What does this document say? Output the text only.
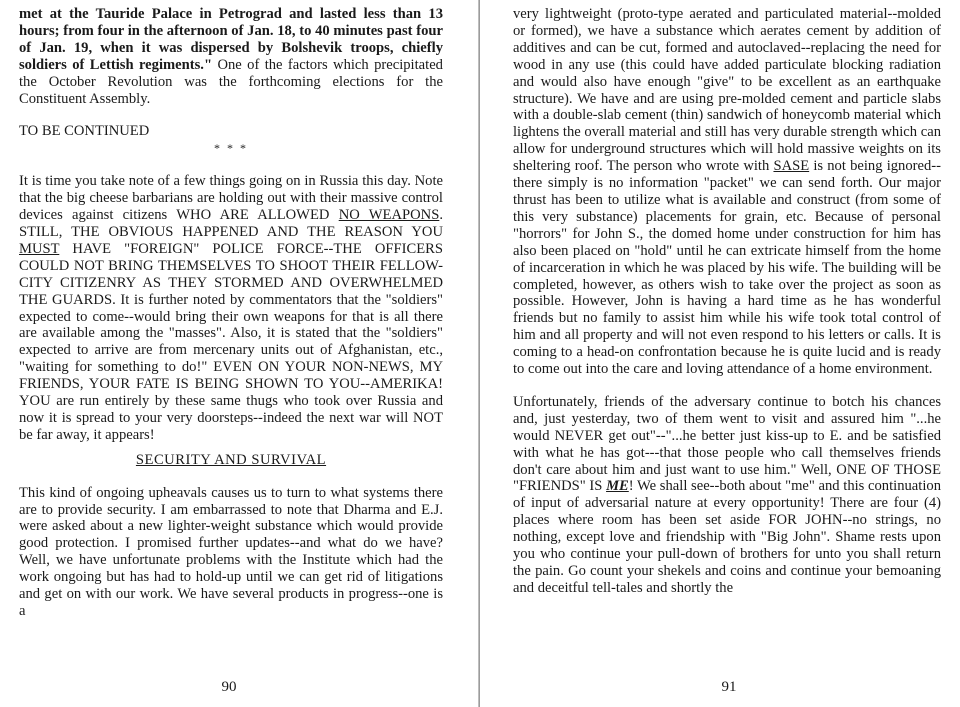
met at the Tauride Palace in Petrograd and lasted less than 13 hours; from four in the afternoon of Jan. 18, to 40 minutes past four of Jan. 19, when it was dispersed by Bolshevik troops, chiefly soldiers of Lettish regiments." One of the factors which precipitated the October Revolution was the forthcoming elections for the Constituent Assembly.

TO BE CONTINUED

* * *

It is time you take note of a few things going on in Russia this day. Note that the big cheese barbarians are holding out with their massive control devices against citizens WHO ARE ALLOWED NO WEAPONS. STILL, THE OBVIOUS HAPPENED AND THE REASON YOU MUST HAVE "FOREIGN" POLICE FORCE--THE OFFICERS COULD NOT BRING THEMSELVES TO SHOOT THEIR FELLOW-CITY CITIZENRY AS THEY STORMED AND OVERWHELMED THE GUARDS. It is further noted by commentators that the "soldiers" expected to come--would bring their own weapons for that is all there are available among the "masses". Also, it is stated that the "soldiers" expected to arrive are from mercenary units out of Afghanistan, etc., "waiting for something to do!" EVEN ON YOUR NON-NEWS, MY FRIENDS, YOUR FATE IS BEING SHOWN TO YOU--AMERIKA! YOU are run entirely by these same thugs who took over Russia and now it is spread to your very doorsteps--indeed the next war will NOT be far away, it appears!

SECURITY AND SURVIVAL

This kind of ongoing upheavals causes us to turn to what systems there are to provide security. I am embarrassed to note that Dharma and E.J. were asked about a new lighter-weight substance which would provide good protection. I promised further updates--and what do we have? Well, we have unfortunate problems with the Institute which had the work ongoing but has had to hold-up until we can get rid of litigations and get on with our work. We have several products in progress--one is a

very lightweight (proto-type aerated and particulated material--molded or formed), we have a substance which aerates cement by addition of additives and can be cut, formed and autoclaved--replacing the need for wood in any use (this could have added particulate blocking radiation and would also have enough "give" to be excellent as an earthquake structure). We have and are using pre-molded cement and particle slabs with a double-slab cement (thin) sandwich of honeycomb material which lightens the overall material and still has very durable strength which can allow for underground structures which will hold massive weights on its sheltering roof. The person who wrote with SASE is not being ignored--there simply is no information "packet" we can send forth. Our major thrust has been to utilize what is available and construct (from some of this very substance) placements for grain, etc. Because of personal "horrors" for John S., the domed home under construction for him has also been placed on "hold" until he can extricate himself from the home of incarceration in which he was placed by his wife. The building will be completed, however, as others wish to take over the project as soon as possible. However, John is having a hard time as he has wonderful friends but no family to assist him while his wife took total control of him and all property and will not even respond to his letters or calls. It is coming to a head-on confrontation because he is quite lucid and is ready to come out into the care and loving attendance of a home environment.

Unfortunately, friends of the adversary continue to botch his chances and, just yesterday, two of them went to visit and assured him "...he would NEVER get out"--"...he better just kiss-up to E. and be satisfied with what he has got---that those people who call themselves friends don't care about him and just want to use him." Well, ONE OF THOSE "FRIENDS" IS ME! We shall see--both about "me" and this continuation of input of adversarial nature at every opportunity! There are four (4) places where room has been set aside FOR JOHN--no strings, no nothing, except love and friendship with "Big John". Shame rests upon you who continue your pull-down of brothers for unto you shall return the pain. Go count your shekels and coins and continue your bemoaning and deceitful tell-tales and shortly the

90	91
